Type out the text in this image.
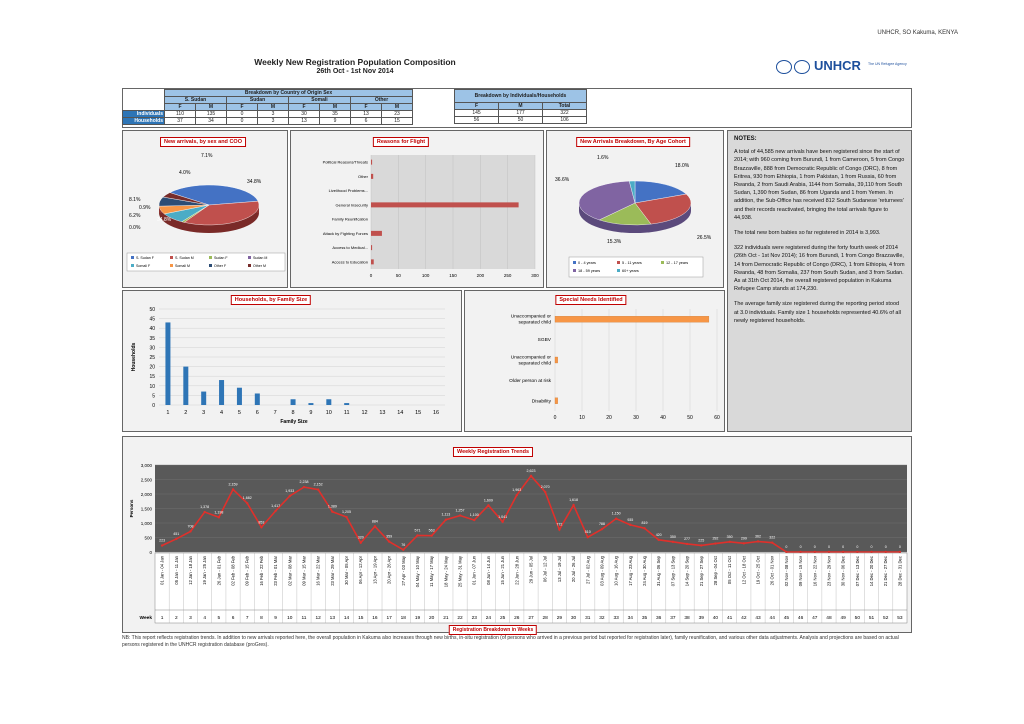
UNHCR, SO Kakuma, KENYA
Weekly New Registration Population Composition
26th Oct - 1st Nov 2014	UNHCR The UN Refugee Agency
	Breakdown by Country of Origin Sex							
	S. Sudan		Sudan		Somali		Other	
	F	M	F	M	F	M	F	M
Individuals	110	135	0	3	30	35	13	23
Households	37	34	0	3	13	9	6	15
Breakdown by Individuals/Households		
F	M	Total
145	177	322
56	50	106
7.1%
4.0%
34.8%
0.9%
0.0%
6.2%
34.8%
8.1%
S. Sudan F	S. Sudan M	Sudan F	Sudan M
Somali F	Somali M	Other F	Other M
New arrivals, by sex and COO
0	50	100	150	200	250	300
Political Reasons/Threats
Other
Livelihood Problems...
General Insecurity
Family Reunification
Attack by Fighting Forces
Access to Medical...
Access to Education
Reasons for Flight
1.6%
18.0%
36.6%
26.5%
15.3%
0 - 4 years	5 - 11 years	12 - 17 years
18 - 59 years	60+ years
New Arrivals Breakdown, By Age Cohort	NOTES:

A total of 44,585 new arrivals have been registered since the start of 2014; with 960 coming from Burundi, 1 from Cameroon, 5 from Congo Brazzaville, 888 from Democratic Republic of Congo (DRC), 8 from Eritrea, 930 from Ethiopia, 1 from Pakistan, 1 from Russia, 60 from Rwanda, 2 from Saudi Arabia, 1144 from Somalia, 39,110 from South Sudan, 1,390 from Sudan, 86 from Uganda and 1 from Yemen. In addition, the Sub-Office has received 812 South Sudanese 'returnees' and their records reactivated, bringing the total arrivals figure to 44,938.

The total new born babies so far registered in 2014 is 3,993.

322 individuals were registered during the forty fourth week of 2014 (26th Oct - 1st Nov 2014); 16 from Burundi, 1 from Congo Brazzaville, 14 from Democratic Republic of Congo (DRC), 1 from Ethiopia, 4 from Rwanda, 48 from Somalia, 237 from South Sudan, and 3 from Sudan. As at 31th Oct 2014, the overall registered population in Kakuma Refugee Camp stands at 174,230.

The average family size registered during the reporting period stood at 3.0 individuals. Family size 1 households represented 40.6% of all newly registered households.

0
5
10
15
20
25
30
35
40
45
50
1	2	3	4	5	6	7	8	9 10 11 12 13 14 15 16
Family Size
Households
Households, by Family Size
0	10	20	30	40	50	60
Unaccompanied or
separated child
SGBV
Unaccompanied or
separated child
Older person at risk
Disability
Special Needs Identified
0
500
1,000
1,500
2,000
2,500
3,000
Persons
223
451
708
1,378
1,198
2,159
1,682
853
1,417
1,933
2,238
2,152
1,389
1,205
320
884
359
76
571 563
1,113
1,257
1,100
1,609
1,041
1,963
2,623
2,070
772
1,618
510
788
1,150
935
819
420
350
277 225 292 350 299 362 322
0	0	0	0	0	0	0	0	0
01 Jan - 04 Jan
1
05 Jan - 11 Jan
2
12 Jan - 18 Jan
3
19 Jan - 25 Jan
4
26 Jan - 01 Feb
5
02 Feb - 08 Feb
6
09 Feb - 15 Feb
7
16 Feb - 22 Feb
8
23 Feb - 01 Mar
9
02 Mar - 08 Mar
10
09 Mar - 15 Mar
11
16 Mar - 22 Mar
12
23 Mar - 29 Mar
13
30 Mar - 05 Apr
14
06 Apr - 12 Apr
15
13 Apr - 19 Apr
16
20 Apr - 26 Apr
17
27 Apr - 03 May
18
04 May - 10 May
19
11 May - 17 May
20
18 May - 24 May
21
25 May - 31 May
22
01 Jun - 07 Jun
23
08 Jun - 14 Jun
24
15 Jun - 21 Jun
25
22 Jun - 28 Jun
26
29 Jun - 05 Jul
27
06 Jul - 12 Jul
28
13 Jul - 19 Jul
29
20 Jul - 26 Jul
30
27 Jul - 02 Aug
31
03 Aug - 09 Aug
32
10 Aug - 16 Aug
33
17 Aug - 23 Aug
34
24 Aug - 30 Aug
35
31 Aug - 06 Sep
36
07 Sep - 13 Sep
37
14 Sep - 20 Sep
38
21 Sep - 27 Sep
39
28 Sep - 04 Oct
40
05 Oct - 11 Oct
41
12 Oct - 18 Oct
42
19 Oct - 25 Oct
43
26 Oct - 01 Nov
44
02 Nov - 08 Nov
45
09 Nov - 15 Nov
46
16 Nov - 22 Nov
47
23 Nov - 29 Nov
48
30 Nov - 06 Dec
49
07 Dec - 13 Dec
50
14 Dec - 20 Dec
51
21 Dec - 27 Dec
52
28 Dec - 31 Dec
53
Week
Weekly Registration Trends
Registration Breakdown in Weeks
NB: This report reflects registration trends. In addition to new arrivals reported here, the overall population in Kakuma also increases through new births, in-situ registration (of persons who arrived in a previous period but reported for registration later), family reunification, and various other data adjustments. Analysis and projections are based on actual persons registered in the UNHCR registration database (proGres).
